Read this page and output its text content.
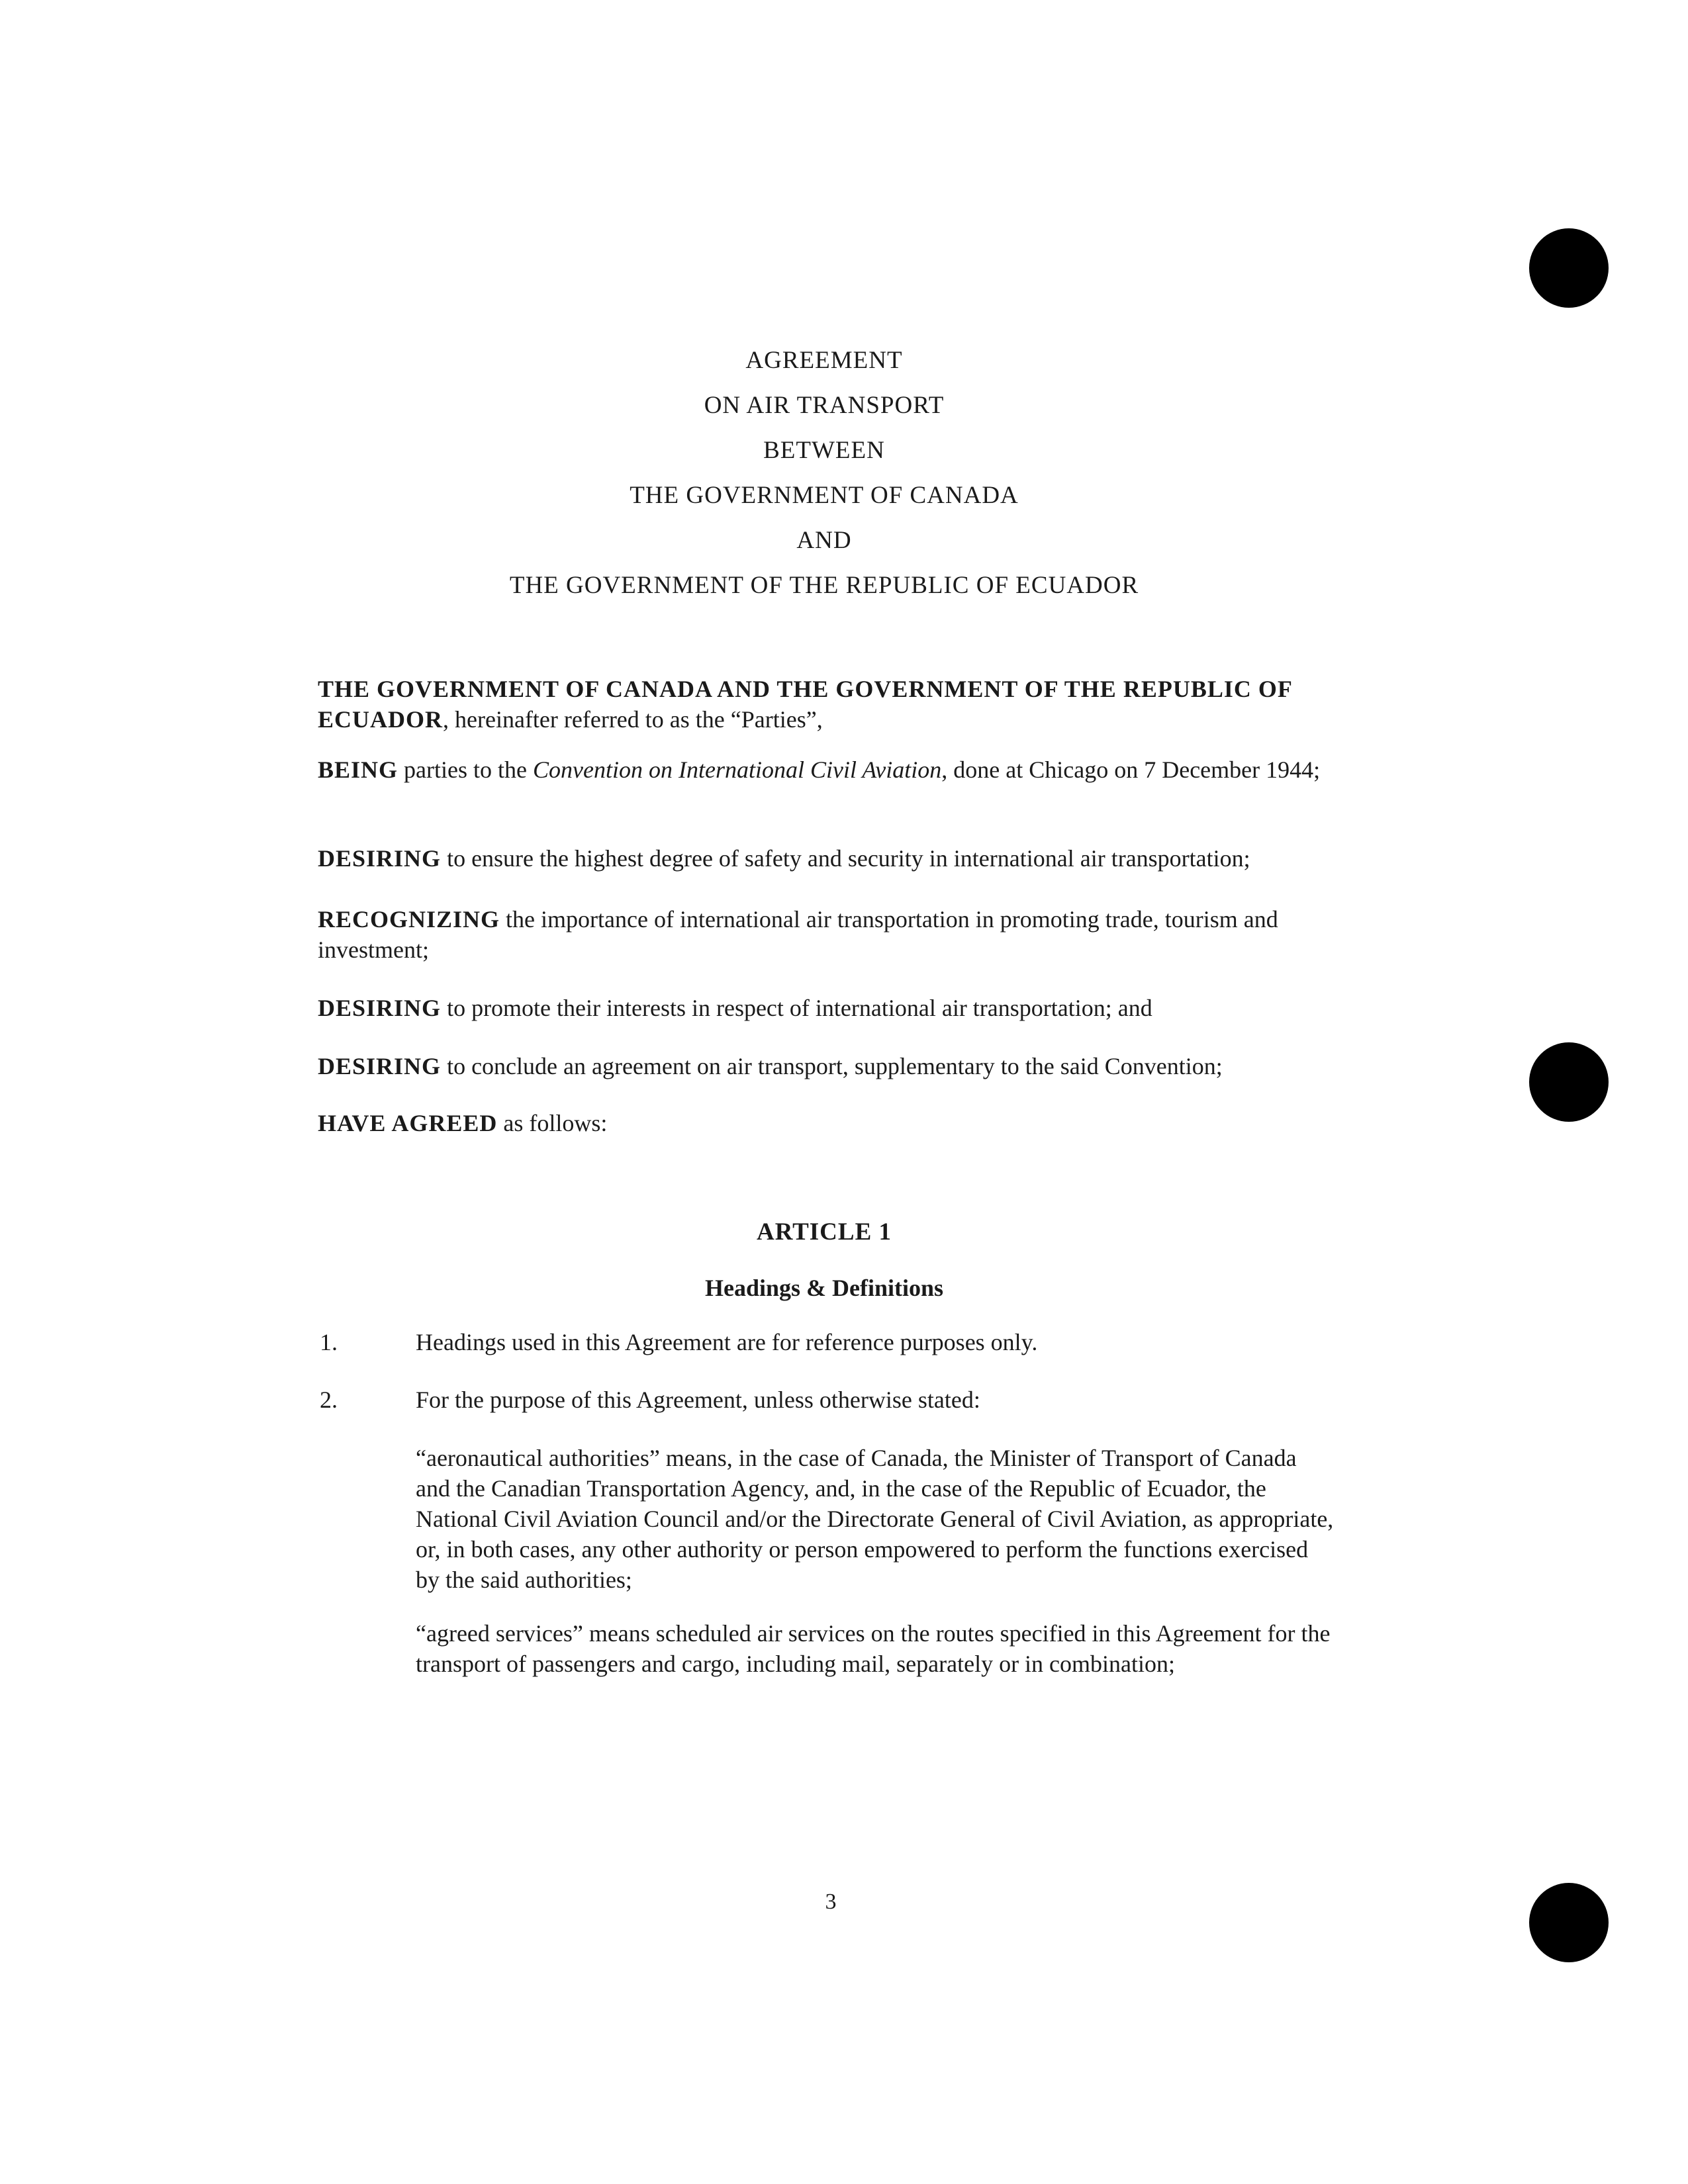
AGREEMENT
ON AIR TRANSPORT
BETWEEN
THE GOVERNMENT OF CANADA
AND
THE GOVERNMENT OF THE REPUBLIC OF ECUADOR
THE GOVERNMENT OF CANADA AND THE GOVERNMENT OF THE REPUBLIC OF ECUADOR, hereinafter referred to as the “Parties”,
BEING parties to the Convention on International Civil Aviation, done at Chicago on 7 December 1944;
DESIRING to ensure the highest degree of safety and security in international air transportation;
RECOGNIZING the importance of international air transportation in promoting trade, tourism and investment;
DESIRING to promote their interests in respect of international air transportation; and
DESIRING to conclude an agreement on air transport, supplementary to the said Convention;
HAVE AGREED as follows:
ARTICLE 1
Headings & Definitions
1.	Headings used in this Agreement are for reference purposes only.
2.	For the purpose of this Agreement, unless otherwise stated:
“aeronautical authorities” means, in the case of Canada, the Minister of Transport of Canada and the Canadian Transportation Agency, and, in the case of the Republic of Ecuador, the National Civil Aviation Council and/or the Directorate General of Civil Aviation, as appropriate, or, in both cases, any other authority or person empowered to perform the functions exercised by the said authorities;
“agreed services” means scheduled air services on the routes specified in this Agreement for the transport of passengers and cargo, including mail, separately or in combination;
3
